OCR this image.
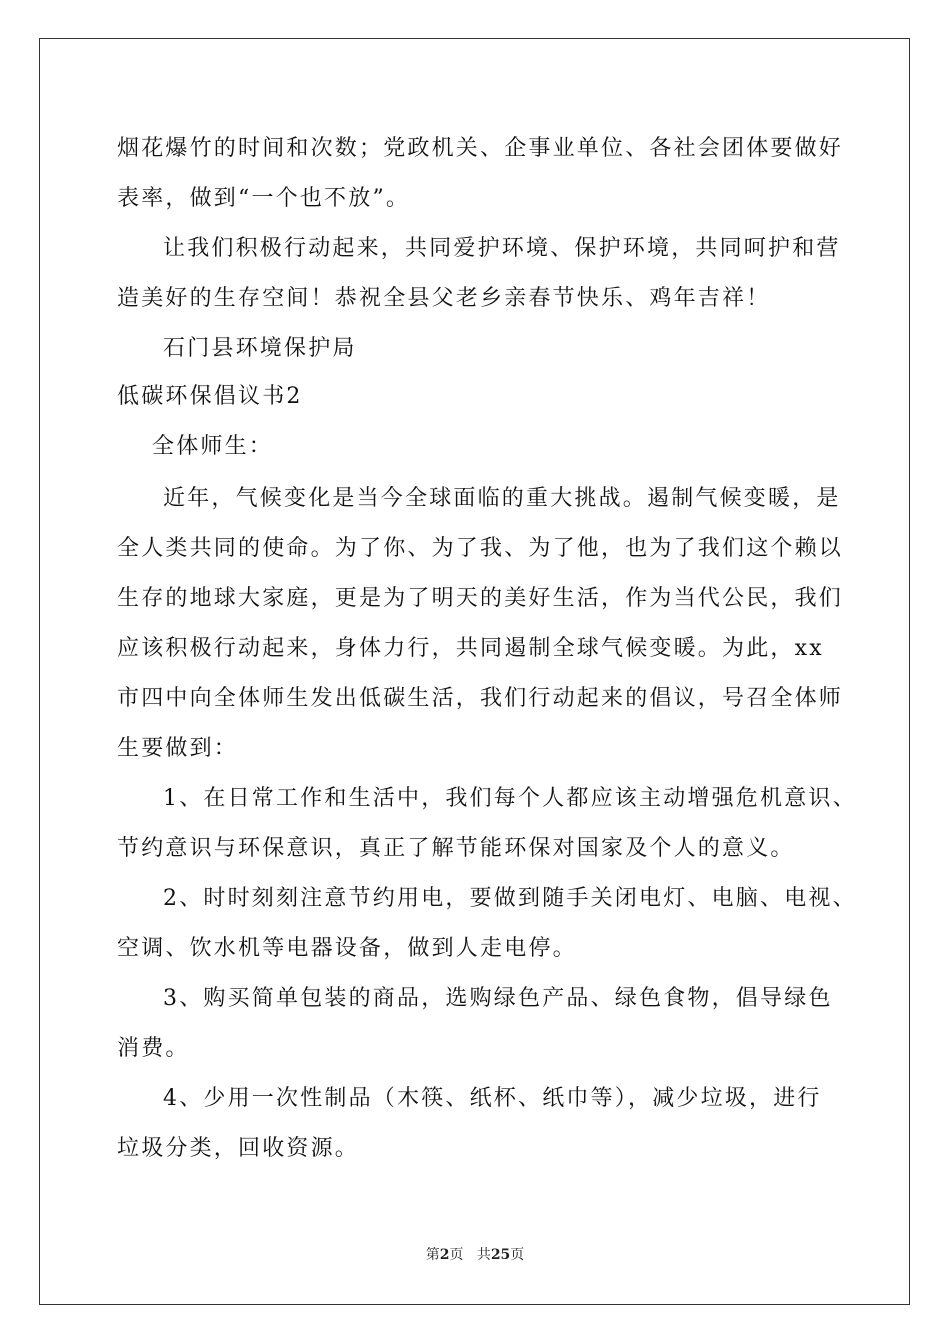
烟花爆竹的时间和次数；党政机关、企事业单位、各社会团体要做好
表率，做到“一个也不放”。
让我们积极行动起来，共同爱护环境、保护环境，共同呵护和营
造美好的生存空间！恭祝全县父老乡亲春节快乐、鸡年吉祥！
石门县环境保护局
低碳环保倡议书2
全体师生：
近年，气候变化是当今全球面临的重大挑战。遏制气候变暖，是
全人类共同的使命。为了你、为了我、为了他，也为了我们这个赖以
生存的地球大家庭，更是为了明天的美好生活，作为当代公民，我们
应该积极行动起来，身体力行，共同遏制全球气候变暖。为此，xx
市四中向全体师生发出低碳生活，我们行动起来的倡议，号召全体师
生要做到：
1、在日常工作和生活中，我们每个人都应该主动增强危机意识、
节约意识与环保意识，真正了解节能环保对国家及个人的意义。
2、时时刻刻注意节约用电，要做到随手关闭电灯、电脑、电视、
空调、饮水机等电器设备，做到人走电停。
3、购买简单包装的商品，选购绿色产品、绿色食物，倡导绿色
消费。
4、少用一次性制品（木筷、纸杯、纸巾等），减少垃圾，进行
垃圾分类，回收资源。
第2页 共25页
